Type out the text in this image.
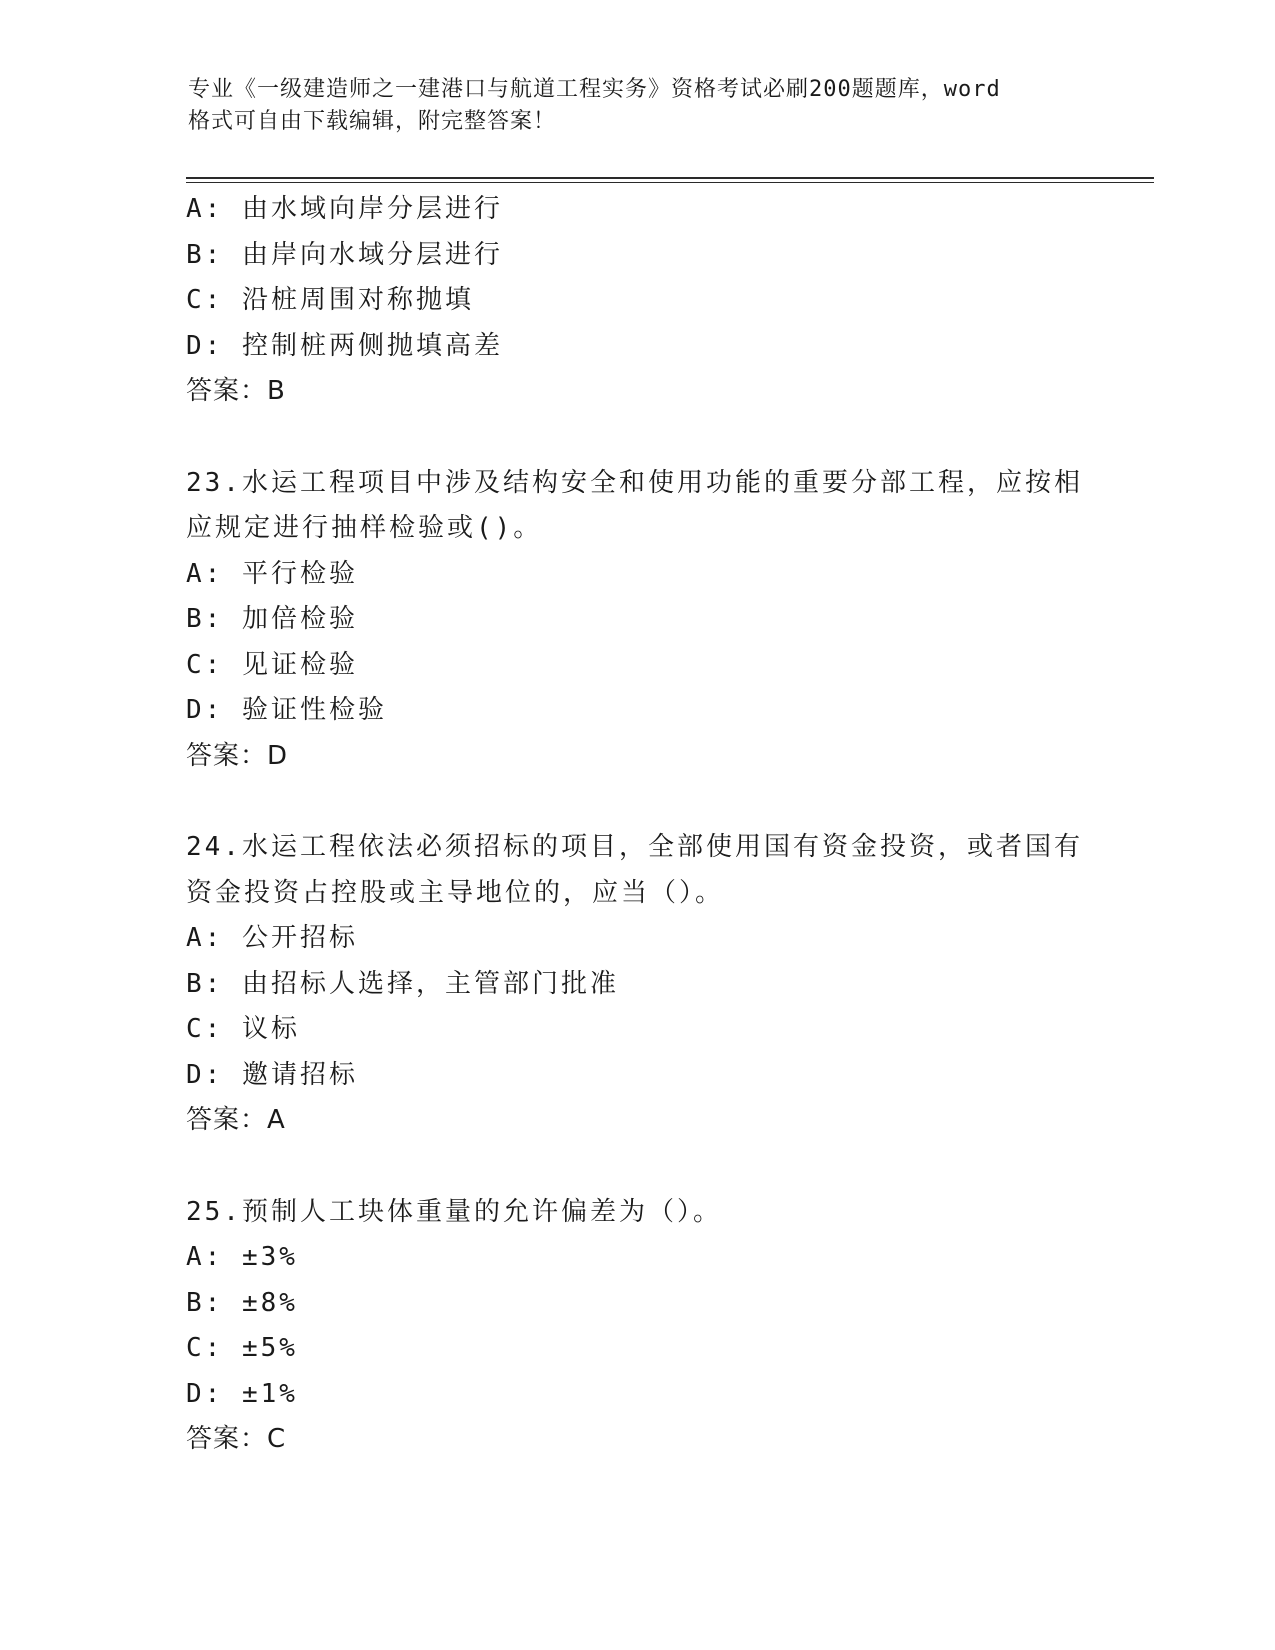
专业《一级建造师之一建港口与航道工程实务》资格考试必刷200题题库，word
格式可自由下载编辑，附完整答案！
A: 由水域向岸分层进行
B: 由岸向水域分层进行
C: 沿桩周围对称抛填
D: 控制桩两侧抛填高差
答案：B
23.水运工程项目中涉及结构安全和使用功能的重要分部工程，应按相
应规定进行抽样检验或()。
A: 平行检验
B: 加倍检验
C: 见证检验
D: 验证性检验
答案：D
24.水运工程依法必须招标的项目，全部使用国有资金投资，或者国有
资金投资占控股或主导地位的，应当（）。
A: 公开招标
B: 由招标人选择，主管部门批准
C: 议标
D: 邀请招标
答案：A
25.预制人工块体重量的允许偏差为（）。
A: ±3%
B: ±8%
C: ±5%
D: ±1%
答案：C
